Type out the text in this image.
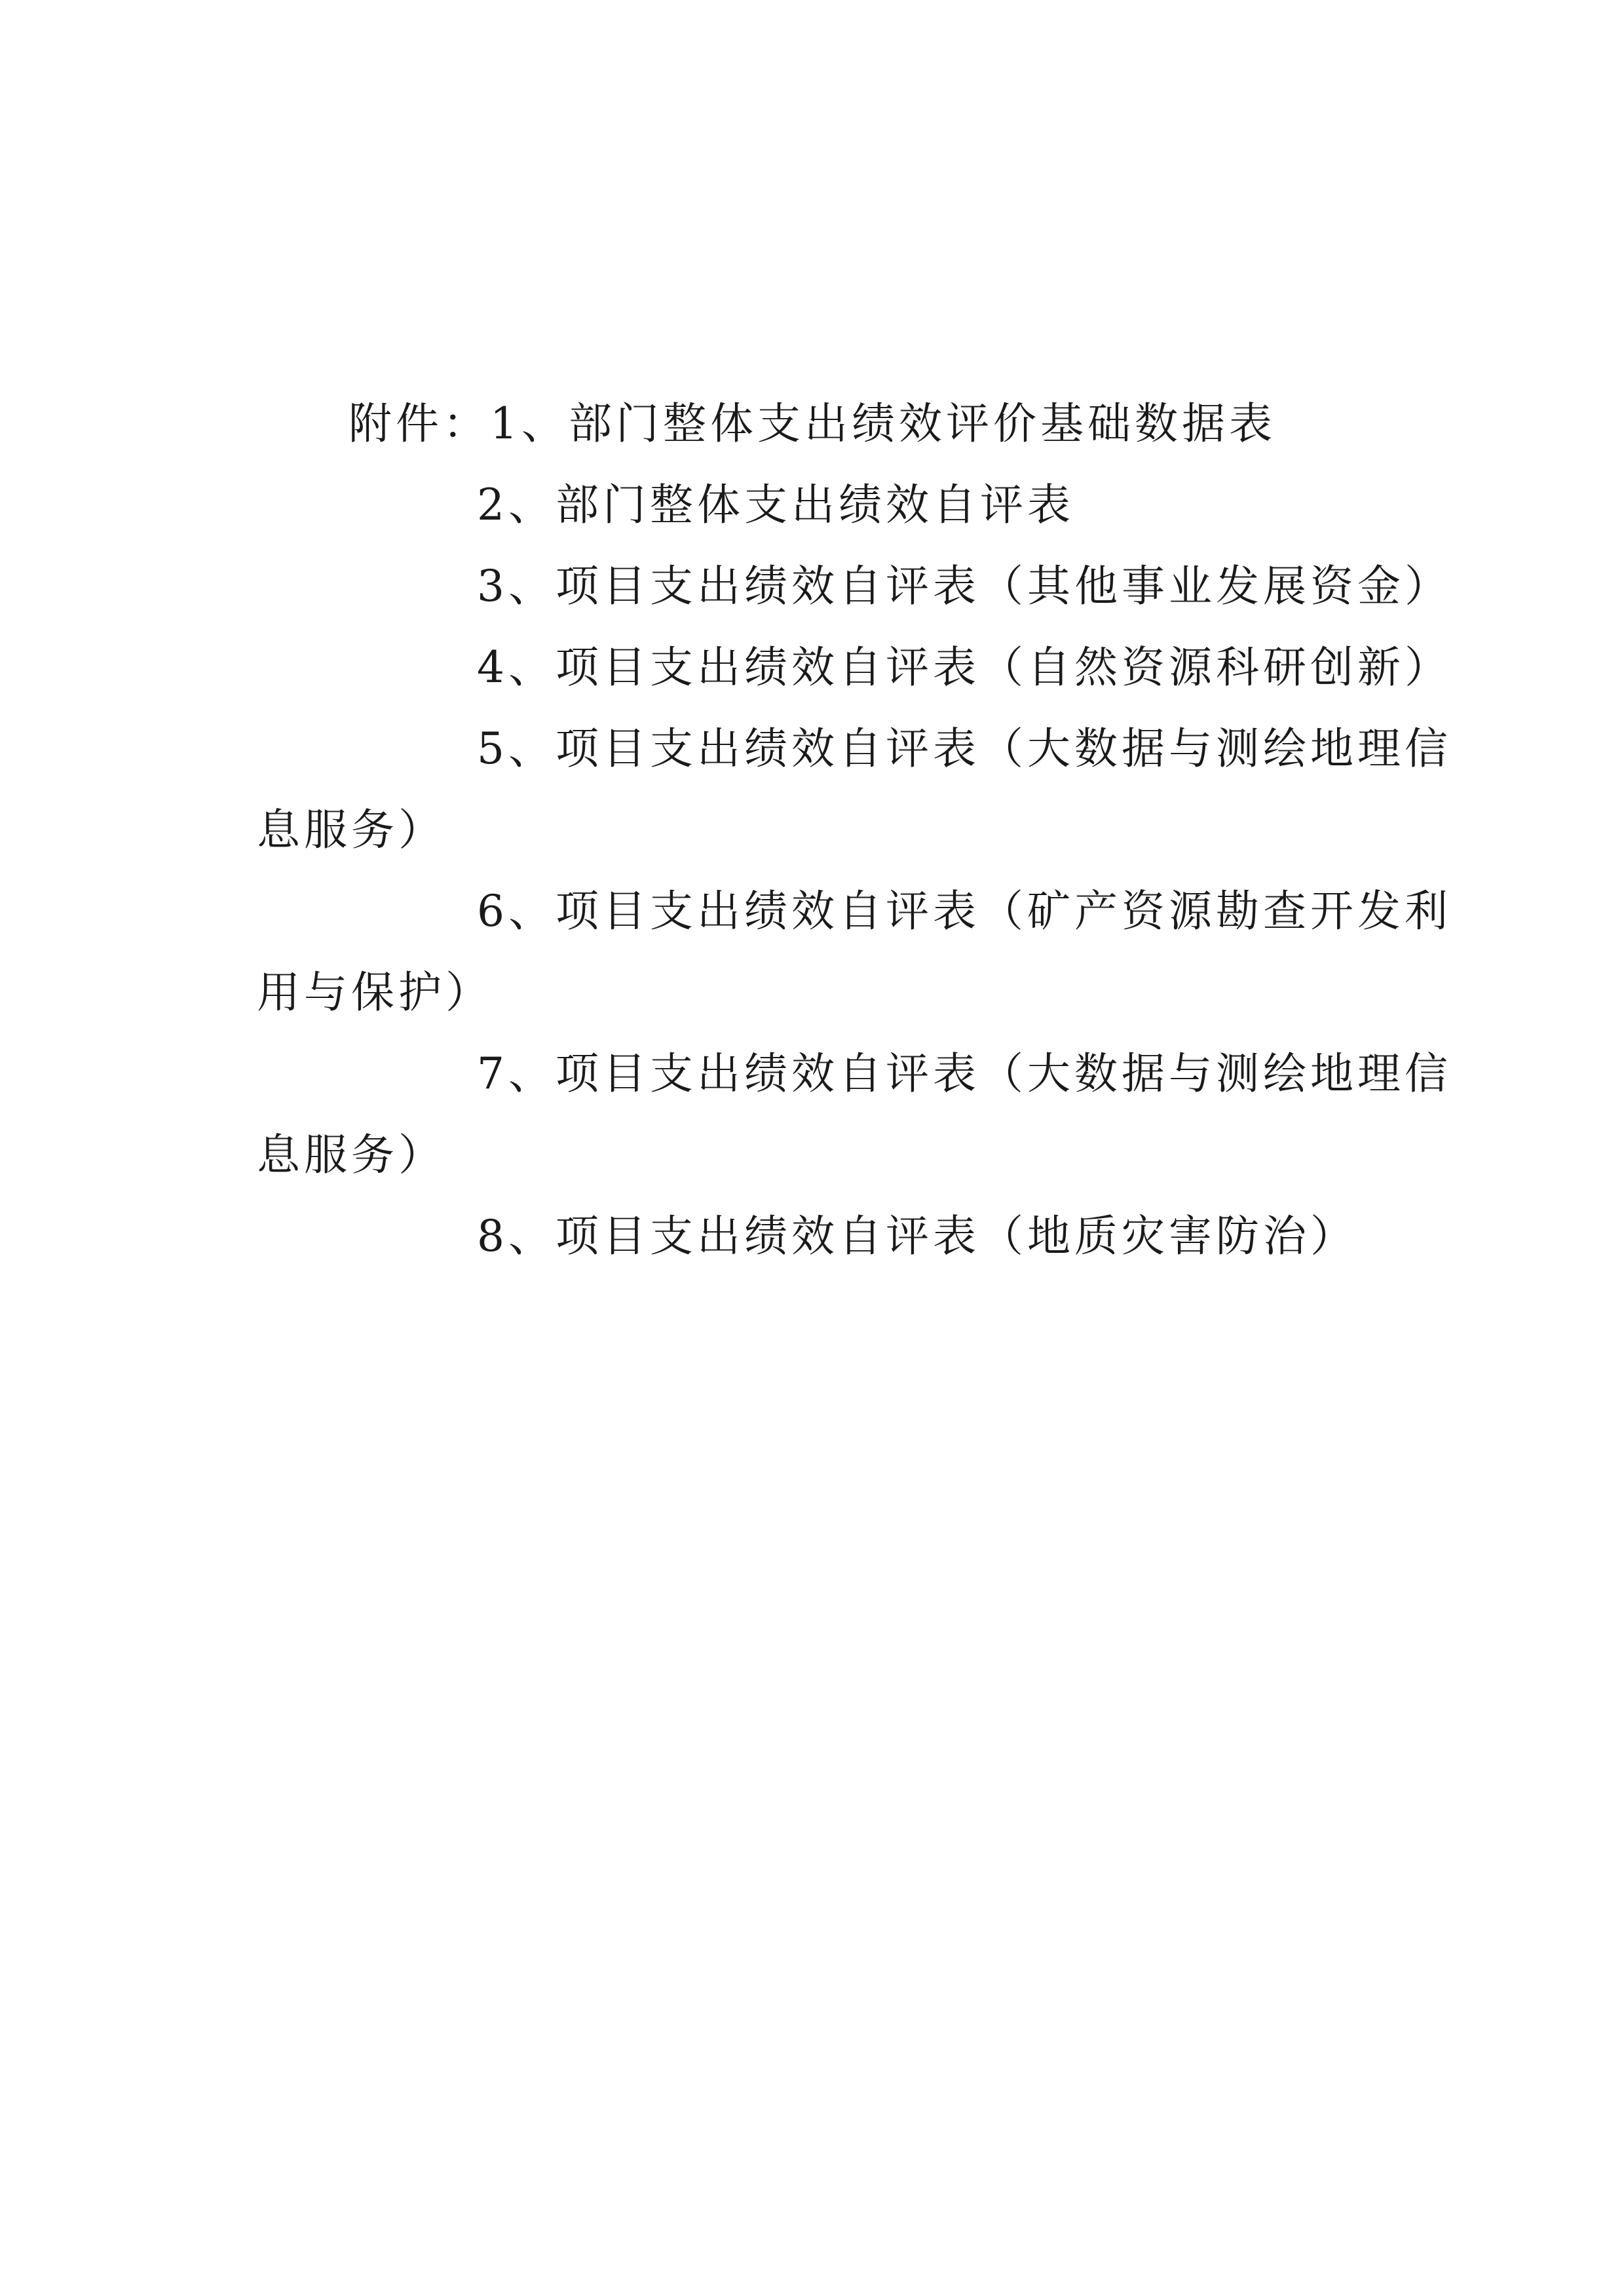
附件：1、部门整体支出绩效评价基础数据表
2、部门整体支出绩效自评表
3、项目支出绩效自评表（其他事业发展资金）
4、项目支出绩效自评表（自然资源科研创新）
5、项目支出绩效自评表（大数据与测绘地理信
息服务）
6、项目支出绩效自评表（矿产资源勘查开发利
用与保护）
7、项目支出绩效自评表（大数据与测绘地理信
息服务）
8、项目支出绩效自评表（地质灾害防治）
